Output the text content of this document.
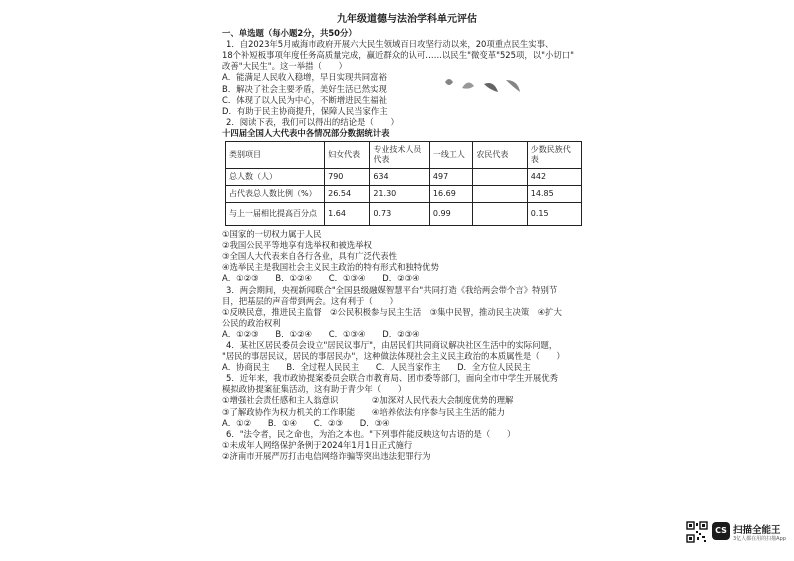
九年级道德与法治学科单元评估
一、单选题（每小题2分，共50分）
1．自2023年5月威海市政府开展六大民生领域百日攻坚行动以来，20项重点民生实事、
18个补短板事项年度任务高质量完成，赢近群众的认可……以民生"微变革"525项，以"小切口"
改善"大民生"。这一举措（　　）
A．能满足人民收入稳增，早日实现共同富裕
B．解决了社会主要矛盾，美好生活已然实现
C．体现了以人民为中心，不断增进民生福祉
D．有助于民主协商提升，保障人民当家作主
2．阅读下表，我们可以得出的结论是（　　）
十四届全国人大代表中各情况部分数据统计表
类别项目	妇女代表	专业技术人员代表	一线工人	农民代表	少数民族代表
总人数（人）	790	634	497		442
占代表总人数比例（%）	26.54	21.30	16.69		14.85
与上一届相比提高百分点	1.64	0.73	0.99		0.15
①国家的一切权力属于人民
②我国公民平等地享有选举权和被选举权
③全国人大代表来自各行各业，具有广泛代表性
④选举民主是我国社会主义民主政治的特有形式和独特优势
A．①②③　　B．①②④　　C．①③④　　D．②③④
3．两会期间，央视新闻联合"全国县级融媒智慧平台"共同打造《我给两会带个言》特别节
目，把基层的声音带到两会。这有利于（　　）
①反映民意，推进民主监督　②公民积极参与民主生活　③集中民智，推动民主决策　④扩大
公民的政治权利
A．①②③　　B．①②④　　C．①③④　　D．②③④
4．某社区居民委员会设立"居民议事厅"，由居民们共同商议解决社区生活中的实际问题，
"居民的事居民议，居民的事居民办"，这种做法体现社会主义民主政治的本质属性是（　　）
A．协商民主　　B．全过程人民民主　　C．人民当家作主　　D．全方位人民民主
5．近年来，我市政协提案委员会联合市教育局、团市委等部门，面向全市中学生开展优秀
模拟政协提案征集活动，这有助于青少年（　　）
①增强社会责任感和主人翁意识　　　　②加深对人民代表大会制度优势的理解
③了解政协作为权力机关的工作职能　　④培养依法有序参与民主生活的能力
A．①②　　B．①④　　C．②③　　D．③④
6．"法令者，民之命也，为治之本也。"下列事件能反映这句古语的是（　　）
①未成年人网络保护条例于2024年1月1日正式施行
②济南市开展严厉打击电信网络诈骗等突出违法犯罪行为
CS 扫描全能王
3亿人都在用的扫描App
